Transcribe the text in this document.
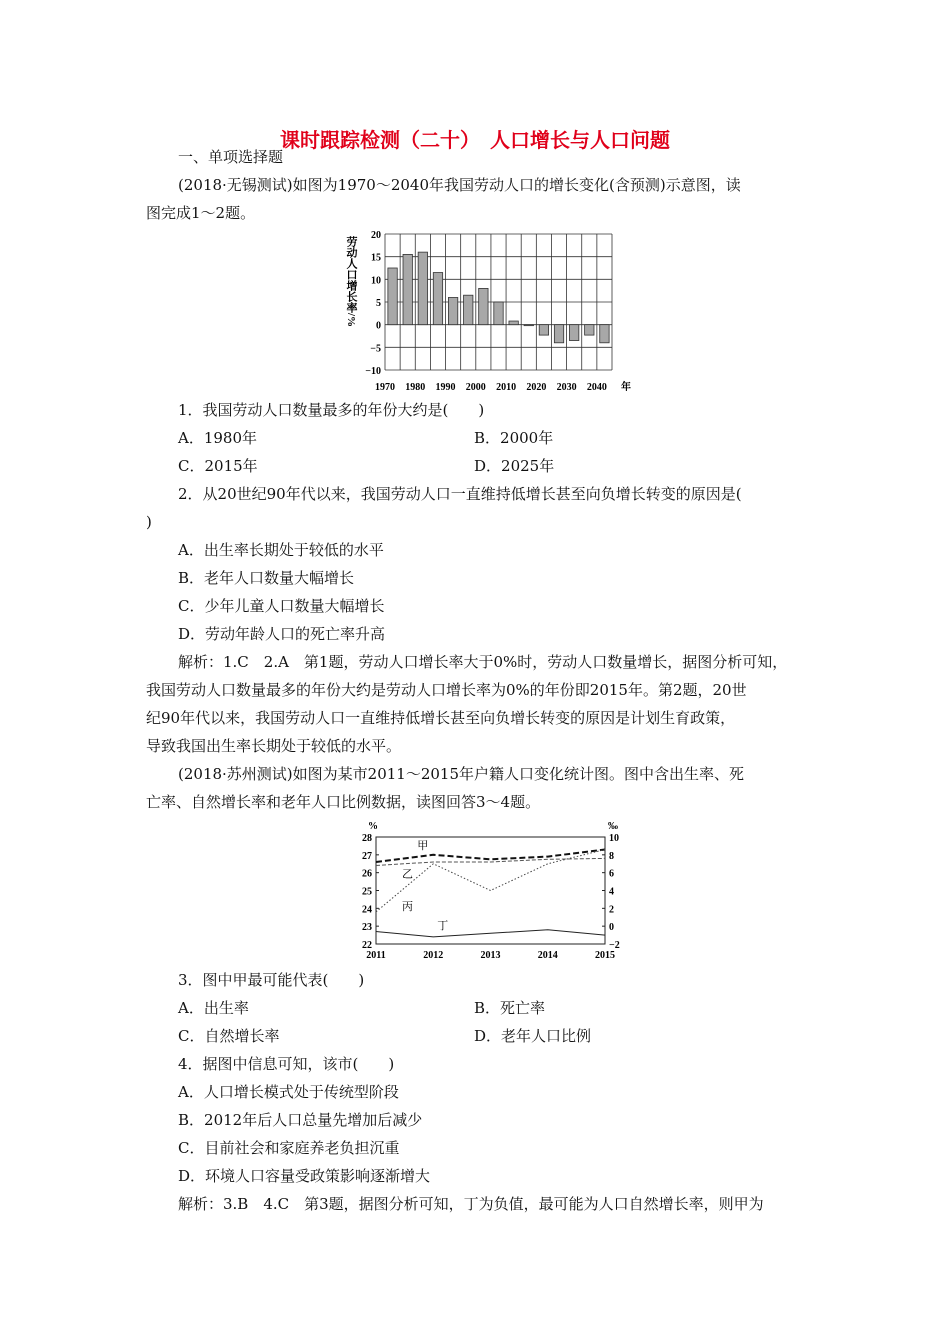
课时跟踪检测（二十）　人口增长与人口问题
一、单项选择题
(2018·无锡测试)如图为1970～2040年我国劳动人口的增长变化(含预测)示意图，读
图完成1～2题。
20
15
10
5
0
−5
−10
1970 1980 1990 2000 2010 2020 2030 2040
劳动人口增长率/%
年
1．我国劳动人口数量最多的年份大约是(　　)
A．1980年	B．2000年
C．2015年	D．2025年
2．从20世纪90年代以来，我国劳动人口一直维持低增长甚至向负增长转变的原因是(
)
A．出生率长期处于较低的水平
B．老年人口数量大幅增长
C．少年儿童人口数量大幅增长
D．劳动年龄人口的死亡率升高
解析：1.C　2.A　第1题，劳动人口增长率大于0%时，劳动人口数量增长，据图分析可知，
我国劳动人口数量最多的年份大约是劳动人口增长率为0%的年份即2015年。第2题，20世
纪90年代以来，我国劳动人口一直维持低增长甚至向负增长转变的原因是计划生育政策，
导致我国出生率长期处于较低的水平。
(2018·苏州测试)如图为某市2011～2015年户籍人口变化统计图。图中含出生率、死
亡率、自然增长率和老年人口比例数据，读图回答3～4题。
%	‰
28
27
26
25
24
23
22
10
8
6
4
2
0
−2
2011	2012	2013	2014	2015
甲
乙
丙
丁
3．图中甲最可能代表(　　)
A．出生率	B．死亡率
C．自然增长率	D．老年人口比例
4．据图中信息可知，该市(　　)
A．人口增长模式处于传统型阶段
B．2012年后人口总量先增加后减少
C．目前社会和家庭养老负担沉重
D．环境人口容量受政策影响逐渐增大
解析：3.B　4.C　第3题，据图分析可知，丁为负值，最可能为人口自然增长率，则甲为
